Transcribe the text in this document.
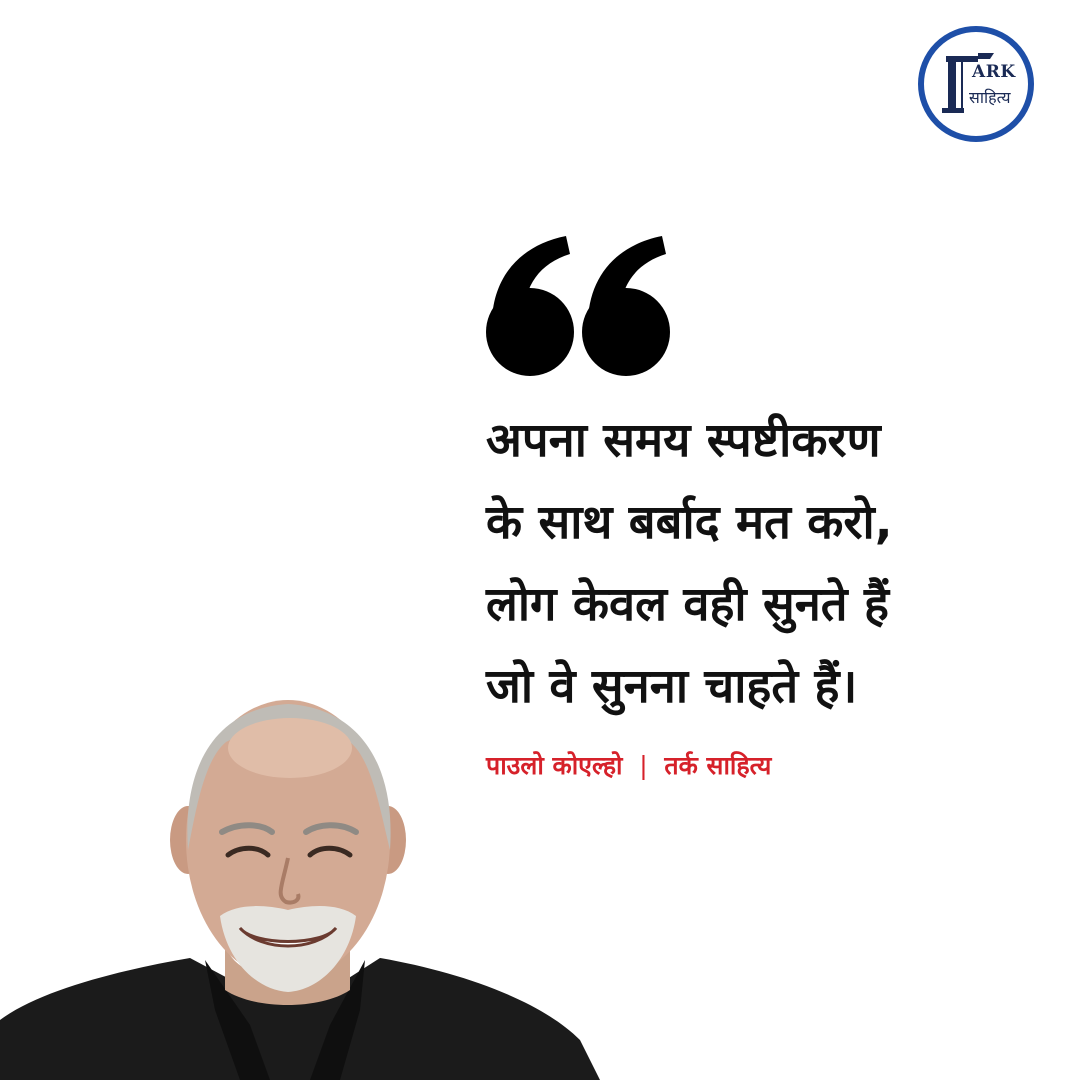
ARK
साहित्य

अपना समय स्पष्टीकरण
के साथ बर्बाद मत करो,
लोग केवल वही सुनते हैं
जो वे सुनना चाहते हैं।

पाउलो कोएल्हो | तर्क साहित्य
